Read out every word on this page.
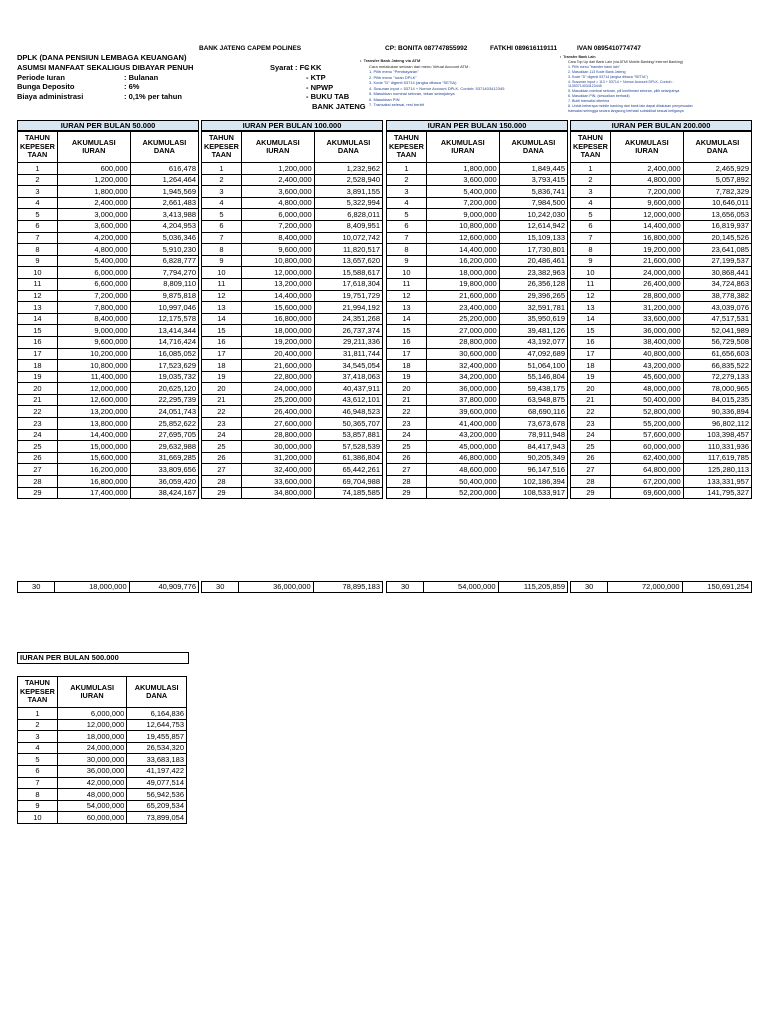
BANK JATENG CAPEM POLINES	CP: BONITA 087747855992	FATKHI 089616119111	IVAN 0895410774747
DPLK (DANA PENSIUN LEMBAGA KEUANGAN)
ASUMSI MANFAAT SEKALIGUS DIBAYAR PENUH
Periode Iuran	: Bulanan
Bunga Deposito	: 6%
Biaya administrasi	: 0,1% per tahun
Syarat : FC
- KK
- KTP
- NPWP
- BUKU TAB
BANK JATENG
•  Transfer Bank Jateng via ATM
Cara melakukan setoran dari menu Virtual Account ATM :
1. Pilih menu "Pembayaran"
2. Pilih menu "Iuran DPLK"
3. Kode "D" digenti 53714 (angka dibaca "SETIA)
4. Susunan input = 53714 + Nomor Account DPLK. Contoh: 5371403412345
5. Masukkan nominal setoran, tekan selanjutnya
6. Masukkan PIN
7. Transaksi selesai, resi berbit
•  Transfer Bank Lain
Cara Top Up dari Bank Lain (via ATM/ Mobile Banking/ Internet Banking)
1. Pilih menu "transfer bank lain"
2. Masukkan 113 Kode Bank Jateng
3. Kode "D" digenti 53714 (angka dibaca "SETIA")
4. Susunan input = 113 + 53714 + Nomor Account DPLK. Contoh :
11353714034123445
5. Masukkan nominal setoran, pili konfirmasi setoran, pilih selanjutnya
6. Masukkan PIN, (sesuaikan berhasil)
7. Bukti transaksi diterima
8. Untuk beberapa mobile banking dari bank lain dapat dilakukan penyesuaian
transaksi sehingga secara langsung berhasil subsidikat sesuai ketiganya
IURAN PER BULAN 50.000
TAHUN KEPESER TAAN	AKUMULASI IURAN	AKUMULASI DANA
1	600,000	616,478
2	1,200,000	1,264,464
3	1,800,000	1,945,569
4	2,400,000	2,661,483
5	3,000,000	3,413,988
6	3,600,000	4,204,953
7	4,200,000	5,036,346
8	4,800,000	5,910,230
9	5,400,000	6,828,777
10	6,000,000	7,794,270
11	6,600,000	8,809,110
12	7,200,000	9,875,818
13	7,800,000	10,997,046
14	8,400,000	12,175,578
15	9,000,000	13,414,344
16	9,600,000	14,716,424
17	10,200,000	16,085,052
18	10,800,000	17,523,629
19	11,400,000	19,035,732
20	12,000,000	20,625,120
21	12,600,000	22,295,739
22	13,200,000	24,051,743
23	13,800,000	25,852,622
24	14,400,000	27,695,705
25	15,000,000	29,632,988
26	15,600,000	31,669,285
27	16,200,000	33,809,656
28	16,800,000	36,059,420
29	17,400,000	38,424,167
30	18,000,000	40,909,776
IURAN PER BULAN 100.000
TAHUN KEPESER TAAN	AKUMULASI IURAN	AKUMULASI DANA
1	1,200,000	1,232,962
2	2,400,000	2,528,940
3	3,600,000	3,891,155
4	4,800,000	5,322,994
5	6,000,000	6,828,011
6	7,200,000	8,409,951
7	8,400,000	10,072,742
8	9,600,000	11,820,517
9	10,800,000	13,657,620
10	12,000,000	15,588,617
11	13,200,000	17,618,304
12	14,400,000	19,751,729
13	15,600,000	21,994,192
14	16,800,000	24,351,268
15	18,000,000	26,737,374
16	19,200,000	29,211,336
17	20,400,000	31,811,744
18	21,600,000	34,545,054
19	22,800,000	37,418,063
20	24,000,000	40,437,911
21	25,200,000	43,612,101
22	26,400,000	46,948,523
23	27,600,000	50,365,707
24	28,800,000	53,857,881
25	30,000,000	57,528,539
26	31,200,000	61,386,804
27	32,400,000	65,442,261
28	33,600,000	69,704,988
29	34,800,000	74,185,585
30	36,000,000	78,895,183
IURAN PER BULAN 150.000
TAHUN KEPESER TAAN	AKUMULASI IURAN	AKUMULASI DANA
1	1,800,000	1,849,445
2	3,600,000	3,793,415
3	5,400,000	5,836,741
4	7,200,000	7,984,500
5	9,000,000	10,242,030
6	10,800,000	12,614,942
7	12,600,000	15,109,133
8	14,400,000	17,730,801
9	16,200,000	20,486,461
10	18,000,000	23,382,963
11	19,800,000	26,356,128
12	21,600,000	29,396,265
13	23,400,000	32,591,781
14	25,200,000	35,950,619
15	27,000,000	39,481,126
16	28,800,000	43,192,077
17	30,600,000	47,092,689
18	32,400,000	51,064,100
19	34,200,000	55,146,804
20	36,000,000	59,438,175
21	37,800,000	63,948,875
22	39,600,000	68,690,116
23	41,400,000	73,673,678
24	43,200,000	78,911,948
25	45,000,000	84,417,943
26	46,800,000	90,205,349
27	48,600,000	96,147,516
28	50,400,000	102,186,394
29	52,200,000	108,533,917
30	54,000,000	115,205,859
IURAN PER BULAN 200.000
TAHUN KEPESER TAAN	AKUMULASI IURAN	AKUMULASI DANA
1	2,400,000	2,465,929
2	4,800,000	5,057,892
3	7,200,000	7,782,329
4	9,600,000	10,646,011
5	12,000,000	13,656,053
6	14,400,000	16,819,937
7	16,800,000	20,145,526
8	19,200,000	23,641,085
9	21,600,000	27,199,537
10	24,000,000	30,868,441
11	26,400,000	34,724,863
12	28,800,000	38,778,382
13	31,200,000	43,039,076
14	33,600,000	47,517,531
15	36,000,000	52,041,989
16	38,400,000	56,729,508
17	40,800,000	61,656,603
18	43,200,000	66,835,522
19	45,600,000	72,279,133
20	48,000,000	78,000,965
21	50,400,000	84,015,235
22	52,800,000	90,336,894
23	55,200,000	96,802,112
24	57,600,000	103,398,457
25	60,000,000	110,331,936
26	62,400,000	117,619,785
27	64,800,000	125,280,113
28	67,200,000	133,331,957
29	69,600,000	141,795,327
30	72,000,000	150,691,254
IURAN PER BULAN 500.000
TAHUN KEPESER TAAN	AKUMULASI IURAN	AKUMULASI DANA
1	6,000,000	6,164,836
2	12,000,000	12,644,753
3	18,000,000	19,455,857
4	24,000,000	26,534,320
5	30,000,000	33,683,183
6	36,000,000	41,197,422
7	42,000,000	49,077,514
8	48,000,000	56,942,536
9	54,000,000	65,209,534
10	60,000,000	73,899,054
